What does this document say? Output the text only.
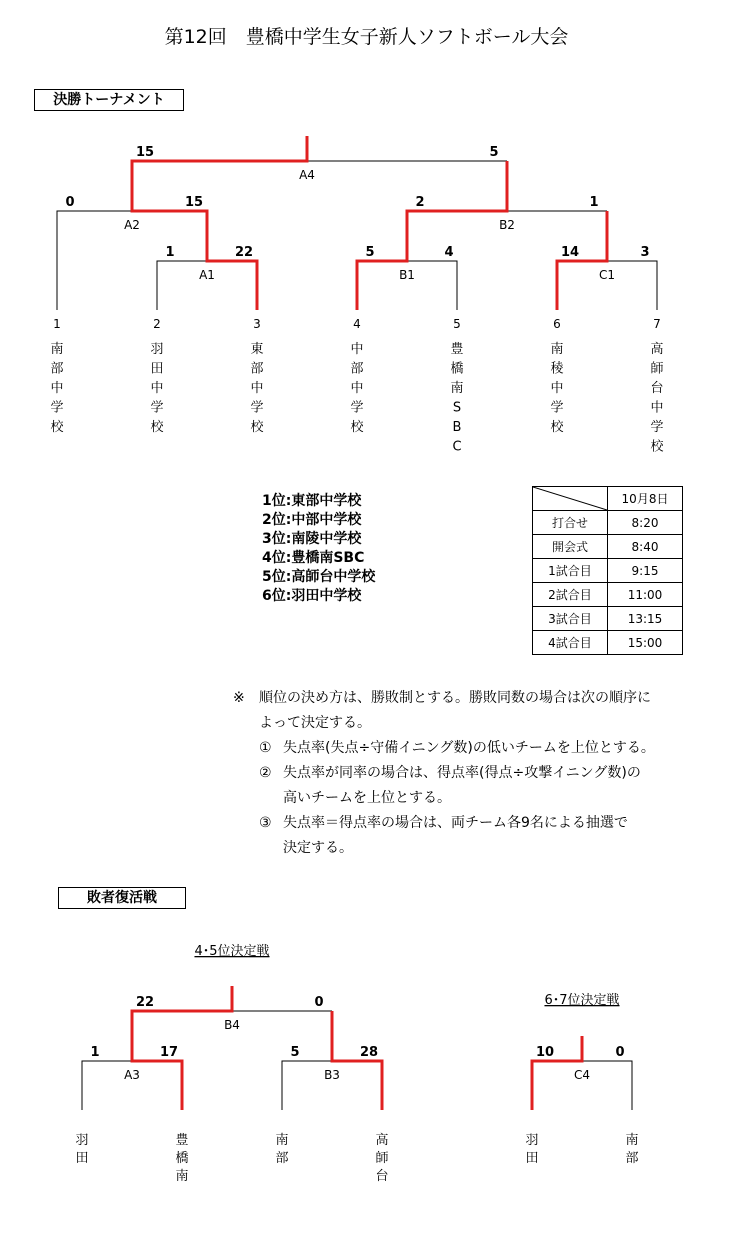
第12回　豊橋中学生女子新人ソフトボール大会
決勝トーナメント
敗者復活戦
1	22	5	4	14	3
0	15	2	1
15	5
A1	B1	C1
A2	B2
A4
1	2	3	4	5	6	7
南部中学校
羽田中学校
東部中学校
中部中学校
豊橋南 S B C
南稜中学校
高師台中学校
1	17	5	28
22	0
10	0
A3	B3
B4
C4
4･5位決定戦
6･7位決定戦
羽田
豊橋南
南部
高師台
羽田
南部
1位:東部中学校
2位:中部中学校
3位:南陵中学校
4位:豊橋南SBC
5位:高師台中学校
6位:羽田中学校
	10月8日
打合せ	8:20
開会式	8:40
1試合目	9:15
2試合目	11:00
3試合目	13:15
4試合目	15:00
※ 順位の決め方は、勝敗制とする。勝敗同数の場合は次の順序に
よって決定する。
① 失点率(失点÷守備イニング数)の低いチームを上位とする。
② 失点率が同率の場合は、得点率(得点÷攻撃イニング数)の
高いチームを上位とする。
③ 失点率＝得点率の場合は、両チーム各9名による抽選で
決定する。
